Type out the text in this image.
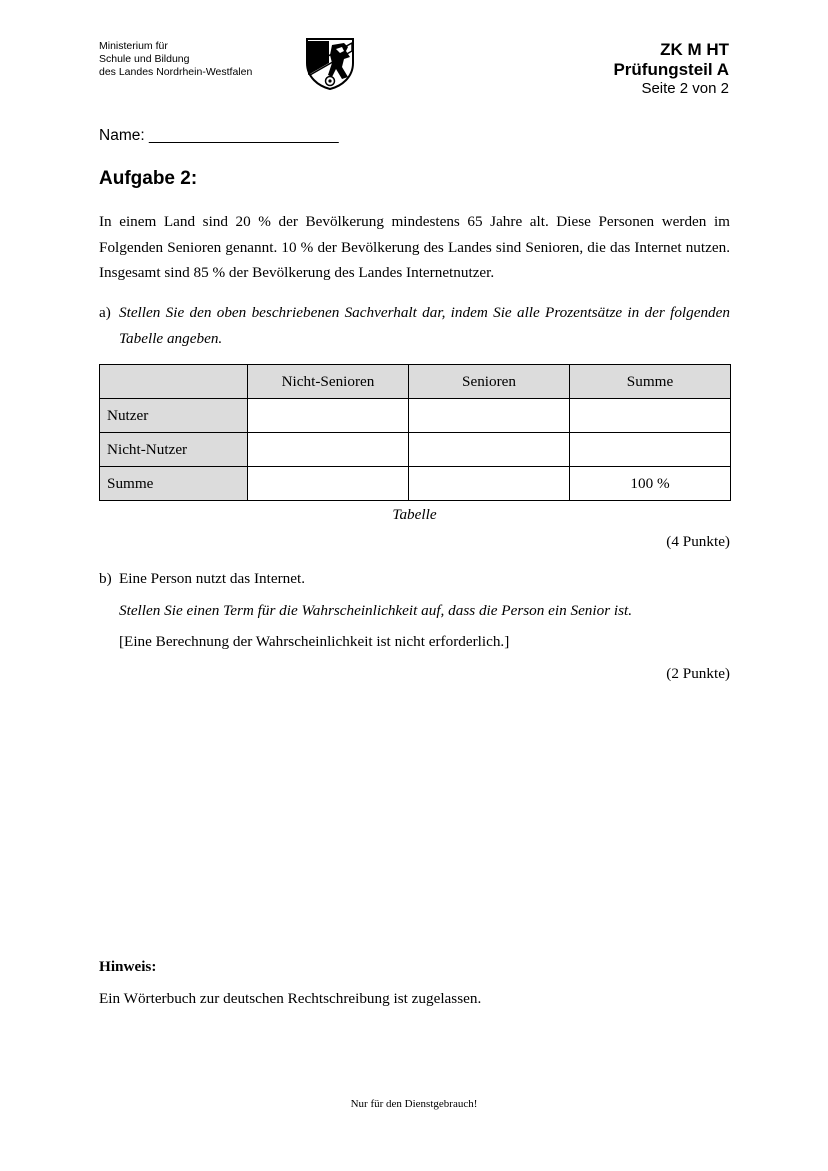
Ministerium für
Schule und Bildung
des Landes Nordrhein-Westfalen
ZK M HT
Prüfungsteil A
Seite 2 von 2
Name: ______________________
Aufgabe 2:
In einem Land sind 20 % der Bevölkerung mindestens 65 Jahre alt. Diese Personen werden im Folgenden Senioren genannt. 10 % der Bevölkerung des Landes sind Senioren, die das Internet nutzen. Insgesamt sind 85 % der Bevölkerung des Landes Internetnutzer.
a) Stellen Sie den oben beschriebenen Sachverhalt dar, indem Sie alle Prozentsätze in der folgenden Tabelle angeben.
	Nicht-Senioren	Senioren	Summe
Nutzer			
Nicht-Nutzer			
Summe			100 %
Tabelle
(4 Punkte)
b) Eine Person nutzt das Internet.
Stellen Sie einen Term für die Wahrscheinlichkeit auf, dass die Person ein Senior ist.
[Eine Berechnung der Wahrscheinlichkeit ist nicht erforderlich.]
(2 Punkte)
Hinweis:
Ein Wörterbuch zur deutschen Rechtschreibung ist zugelassen.
Nur für den Dienstgebrauch!
